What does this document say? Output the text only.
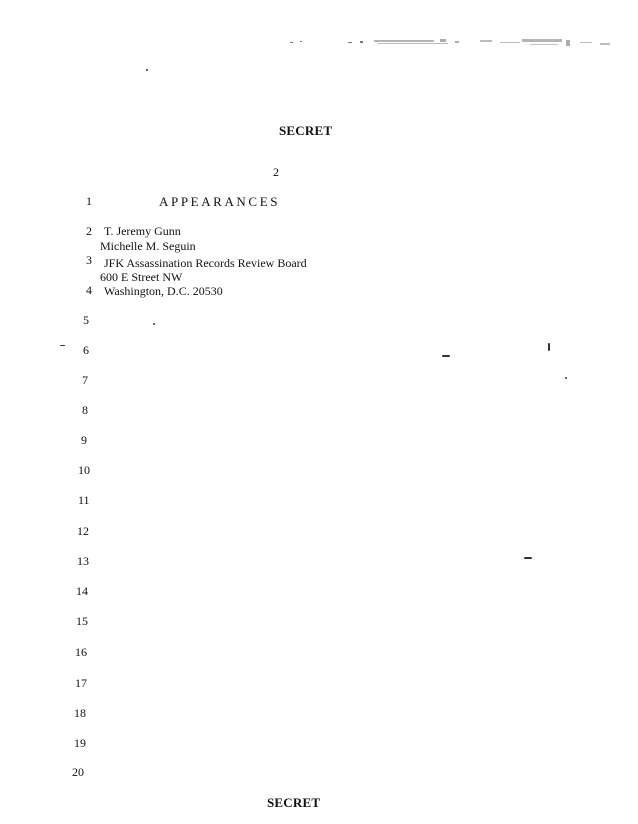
SECRET
2
APPEARANCES
T. Jeremy Gunn
Michelle M. Seguin
JFK Assassination Records Review Board
600 E Street NW
Washington, D.C. 20530
1
2
3
4
5
6
7
8
9
10
11
12
13
14
15
16
17
18
19
20
SECRET
